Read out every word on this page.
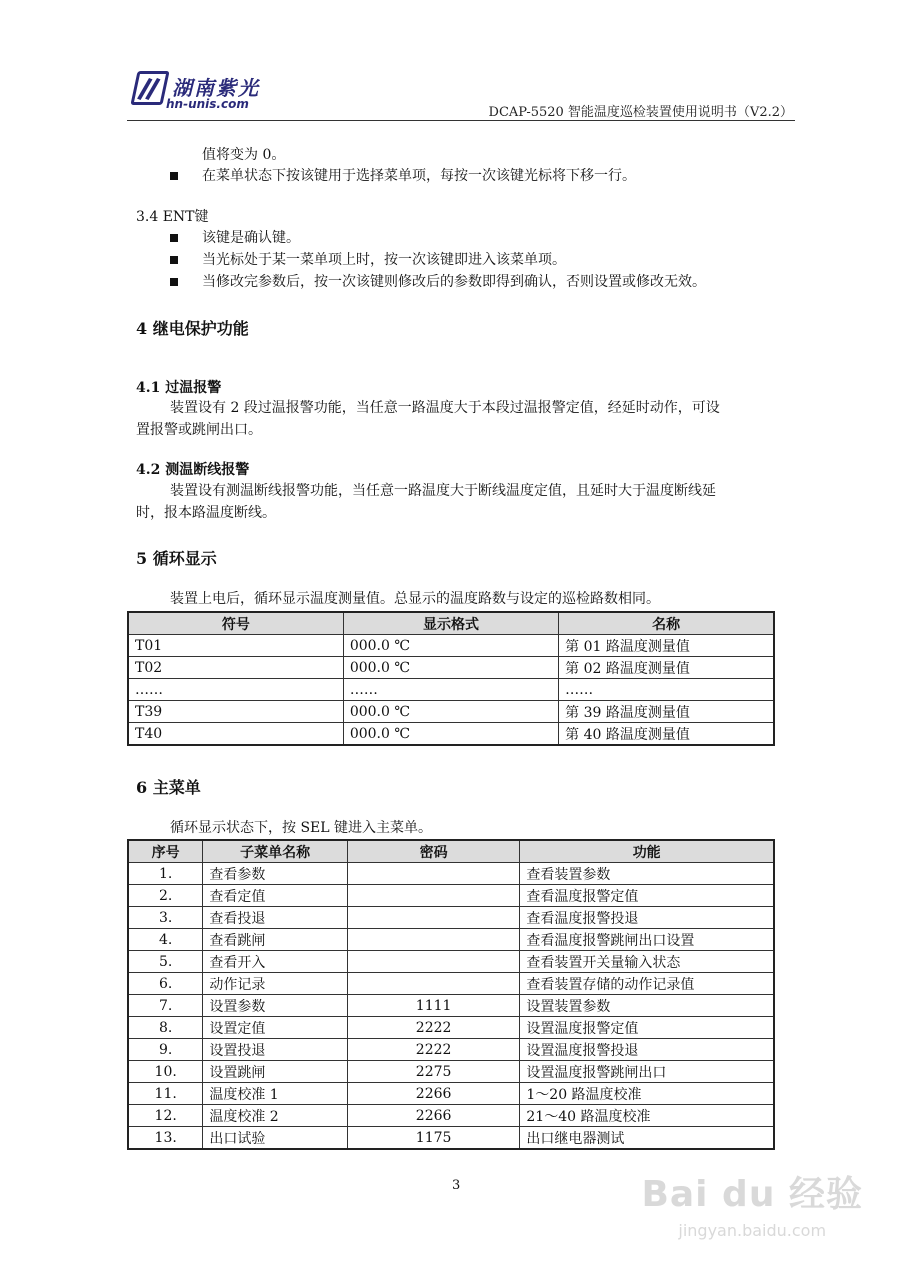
湖南紫光
hn-unis.com
DCAP-5520 智能温度巡检装置使用说明书（V2.2）
值将变为 0。
在菜单状态下按该键用于选择菜单项，每按一次该键光标将下移一行。
3.4 ENT键
该键是确认键。
当光标处于某一菜单项上时，按一次该键即进入该菜单项。
当修改完参数后，按一次该键则修改后的参数即得到确认，否则设置或修改无效。
4 继电保护功能
4.1 过温报警
装置设有 2 段过温报警功能，当任意一路温度大于本段过温报警定值，经延时动作，可设
置报警或跳闸出口。
4.2 测温断线报警
装置设有测温断线报警功能，当任意一路温度大于断线温度定值，且延时大于温度断线延
时，报本路温度断线。
5 循环显示
装置上电后，循环显示温度测量值。总显示的温度路数与设定的巡检路数相同。
符号	显示格式	名称
T01	000.0 ℃	第 01 路温度测量值
T02	000.0 ℃	第 02 路温度测量值
……	……	……
T39	000.0 ℃	第 39 路温度测量值
T40	000.0 ℃	第 40 路温度测量值
6 主菜单
循环显示状态下，按 SEL 键进入主菜单。
序号	子菜单名称	密码	功能
1.	查看参数		查看装置参数
2.	查看定值		查看温度报警定值
3.	查看投退		查看温度报警投退
4.	查看跳闸		查看温度报警跳闸出口设置
5.	查看开入		查看装置开关量输入状态
6.	动作记录		查看装置存储的动作记录值
7.	设置参数	1111	设置装置参数
8.	设置定值	2222	设置温度报警定值
9.	设置投退	2222	设置温度报警投退
10.	设置跳闸	2275	设置温度报警跳闸出口
11.	温度校准 1	2266	1～20 路温度校准
12.	温度校准 2	2266	21～40 路温度校准
13.	出口试验	1175	出口继电器测试
3	Bai du 经验
jingyan.baidu.com
